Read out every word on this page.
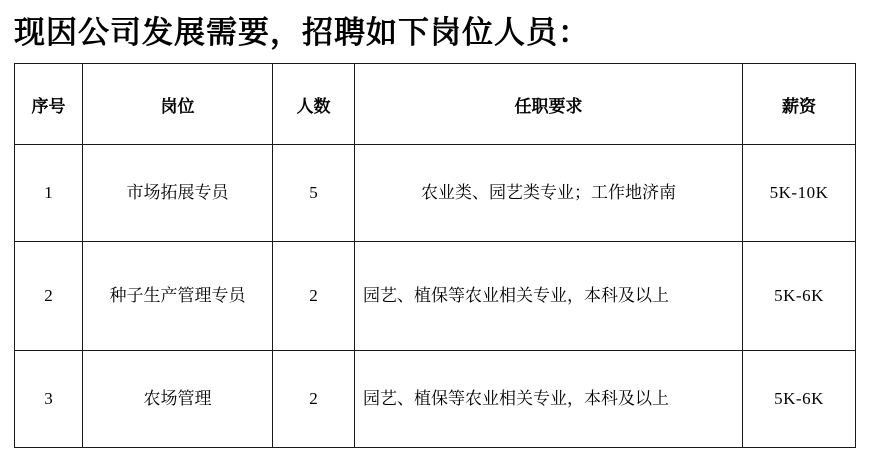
现因公司发展需要，招聘如下岗位人员：
序号	岗位	人数	任职要求	薪资
1	市场拓展专员	5	农业类、园艺类专业；工作地济南	5K-10K
2	种子生产管理专员	2	园艺、植保等农业相关专业，本科及以上	5K-6K
3	农场管理	2	园艺、植保等农业相关专业，本科及以上	5K-6K
